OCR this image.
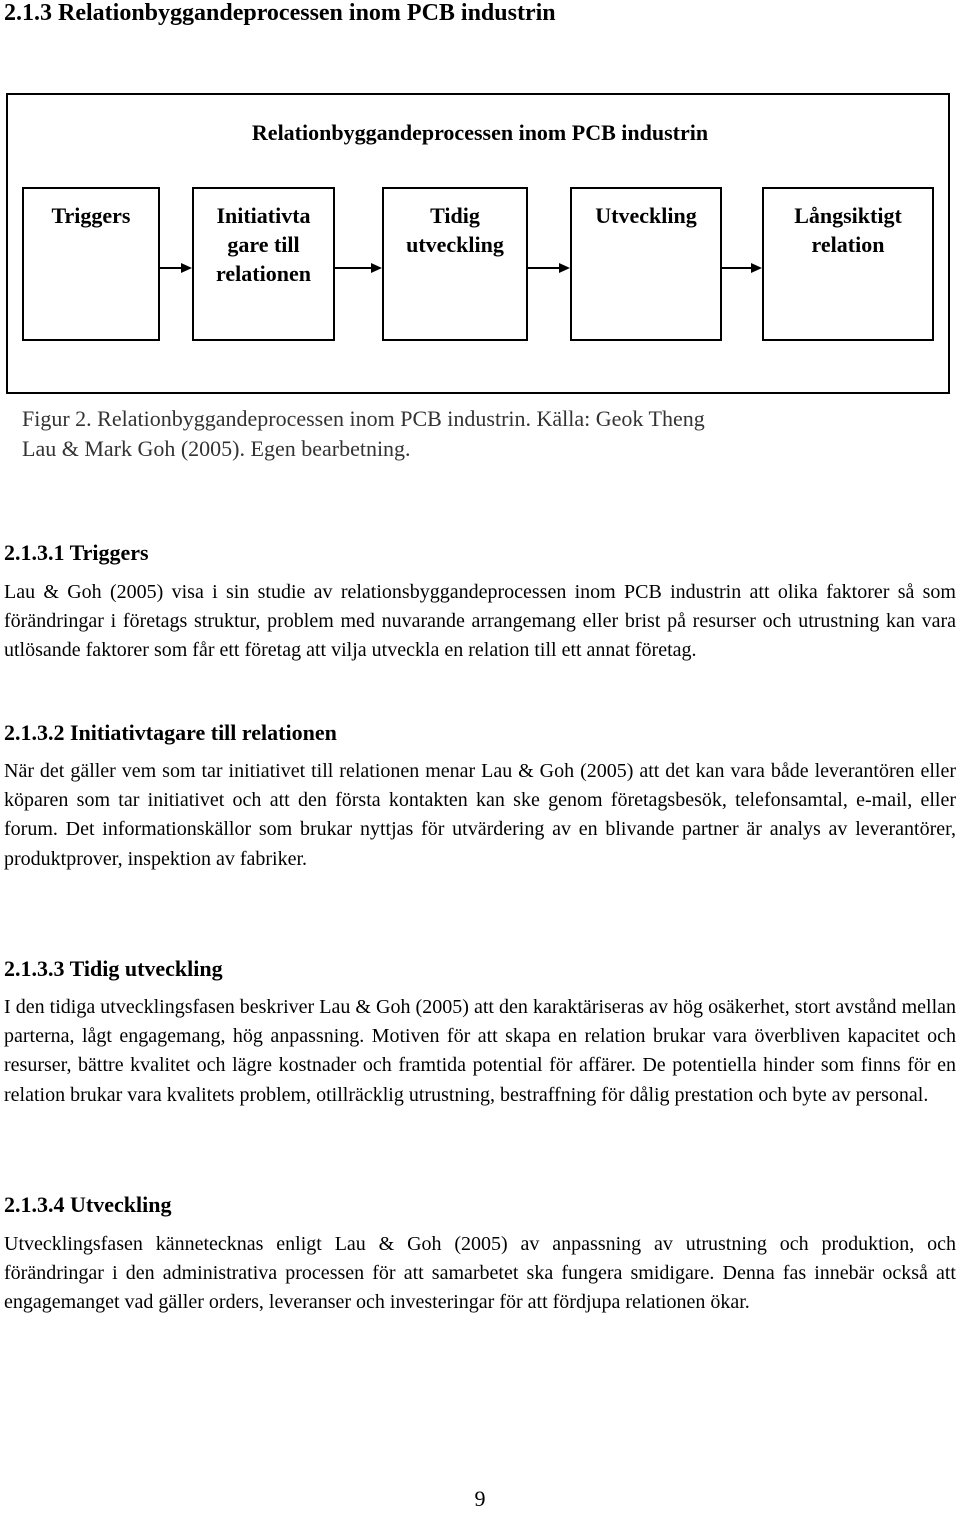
2.1.3 Relationbyggandeprocessen inom PCB industrin
Relationbyggandeprocessen inom PCB industrin
Triggers	Initiativta
gare till
relationen
Tidig
utveckling
Utveckling	Långsiktigt
relation
Figur 2. Relationbyggandeprocessen inom PCB industrin. Källa: Geok Theng
Lau & Mark Goh (2005). Egen bearbetning.
2.1.3.1 Triggers
Lau & Goh (2005) visa i sin studie av relationsbyggandeprocessen inom PCB industrin att olika faktorer så som förändringar i företags struktur, problem med nuvarande arrangemang eller brist på resurser och utrustning kan vara utlösande faktorer som får ett företag att vilja utveckla en relation till ett annat företag.
2.1.3.2 Initiativtagare till relationen
När det gäller vem som tar initiativet till relationen menar Lau & Goh (2005) att det kan vara både leverantören eller köparen som tar initiativet och att den första kontakten kan ske genom företagsbesök, telefonsamtal, e-mail, eller forum. Det informationskällor som brukar nyttjas för utvärdering av en blivande partner är analys av leverantörer, produktprover, inspektion av fabriker.
2.1.3.3 Tidig utveckling
I den tidiga utvecklingsfasen beskriver Lau & Goh (2005) att den karaktäriseras av hög osäkerhet, stort avstånd mellan parterna, lågt engagemang, hög anpassning. Motiven för att skapa en relation brukar vara överbliven kapacitet och resurser, bättre kvalitet och lägre kostnader och framtida potential för affärer. De potentiella hinder som finns för en relation brukar vara kvalitets problem, otillräcklig utrustning, bestraffning för dålig prestation och byte av personal.
2.1.3.4 Utveckling
Utvecklingsfasen kännetecknas enligt Lau & Goh (2005) av anpassning av utrustning och produktion, och förändringar i den administrativa processen för att samarbetet ska fungera smidigare. Denna fas innebär också att engagemanget vad gäller orders, leveranser och investeringar för att fördjupa relationen ökar.
9
